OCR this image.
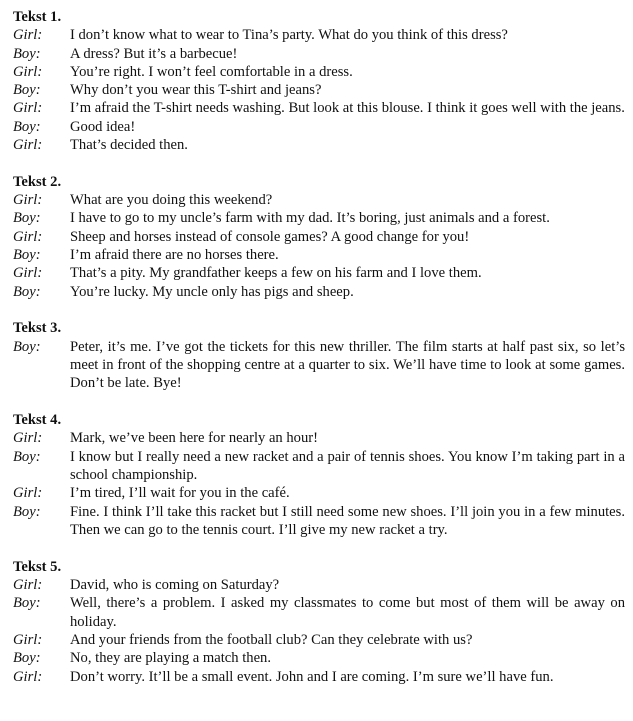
Tekst 1.
Girl:	I don’t know what to wear to Tina’s party. What do you think of this dress?
Boy:	A dress? But it’s a barbecue!
Girl:	You’re right. I won’t feel comfortable in a dress.
Boy:	Why don’t you wear this T-shirt and jeans?
Girl:	I’m afraid the T-shirt needs washing. But look at this blouse. I think it goes well with the jeans.
Boy:	Good idea!
Girl:	That’s decided then.
Tekst 2.
Girl:	What are you doing this weekend?
Boy:	I have to go to my uncle’s farm with my dad. It’s boring, just animals and a forest.
Girl:	Sheep and horses instead of console games? A good change for you!
Boy:	I’m afraid there are no horses there.
Girl:	That’s a pity. My grandfather keeps a few on his farm and I love them.
Boy:	You’re lucky. My uncle only has pigs and sheep.
Tekst 3.
Boy:	Peter, it’s me. I’ve got the tickets for this new thriller. The film starts at half past six, so let’s meet in front of the shopping centre at a quarter to six. We’ll have time to look at some games. Don’t be late. Bye!
Tekst 4.
Girl:	Mark, we’ve been here for nearly an hour!
Boy:	I know but I really need a new racket and a pair of tennis shoes. You know I’m taking part in a school championship.
Girl:	I’m tired, I’ll wait for you in the café.
Boy:	Fine. I think I’ll take this racket but I still need some new shoes. I’ll join you in a few minutes. Then we can go to the tennis court. I’ll give my new racket a try.
Tekst 5.
Girl:	David, who is coming on Saturday?
Boy:	Well, there’s a problem. I asked my classmates to come but most of them will be away on holiday.
Girl:	And your friends from the football club? Can they celebrate with us?
Boy:	No, they are playing a match then.
Girl:	Don’t worry. It’ll be a small event. John and I are coming. I’m sure we’ll have fun.
